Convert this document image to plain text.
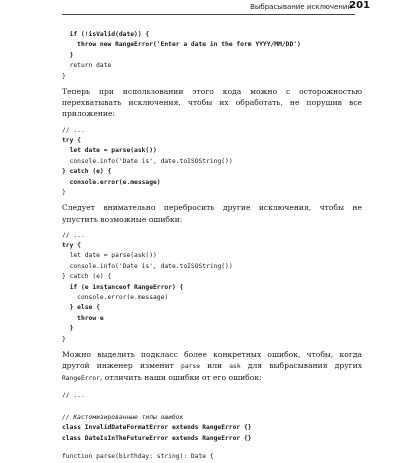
Выбрасывание исключений
201
if (!isValid(date)) {
throw new RangeError('Enter a date in the form YYYY/MM/DD')
}
return date
}

Теперь при использовании этого кода можно с осторожностью перехватывать исключения, чтобы их обработать, не порушив все приложение:

// ...
try {
let date = parse(ask())
console.info('Date is', date.toISOString())
} catch (e) {
console.error(e.message)
}

Следует внимательно перебросить другие исключения, чтобы не упустить возможные ошибки:

// ...
try {
let date = parse(ask())
console.info('Date is', date.toISOString())
} catch (e) {
if (e instanceof RangeError) {
console.error(e.message)
} else {
throw e
}
}

Можно выделить подкласс более конкретных ошибок, чтобы, когда другой инженер изменит parse или ask для выбрасывания других RangeError, отличить наши ошибки от его ошибок:

// ...
// Кастомизированные типы ошибок
class InvalidDateFormatError extends RangeError {}
class DateIsInTheFutureError extends RangeError {}
function parse(birthday: string): Date {
